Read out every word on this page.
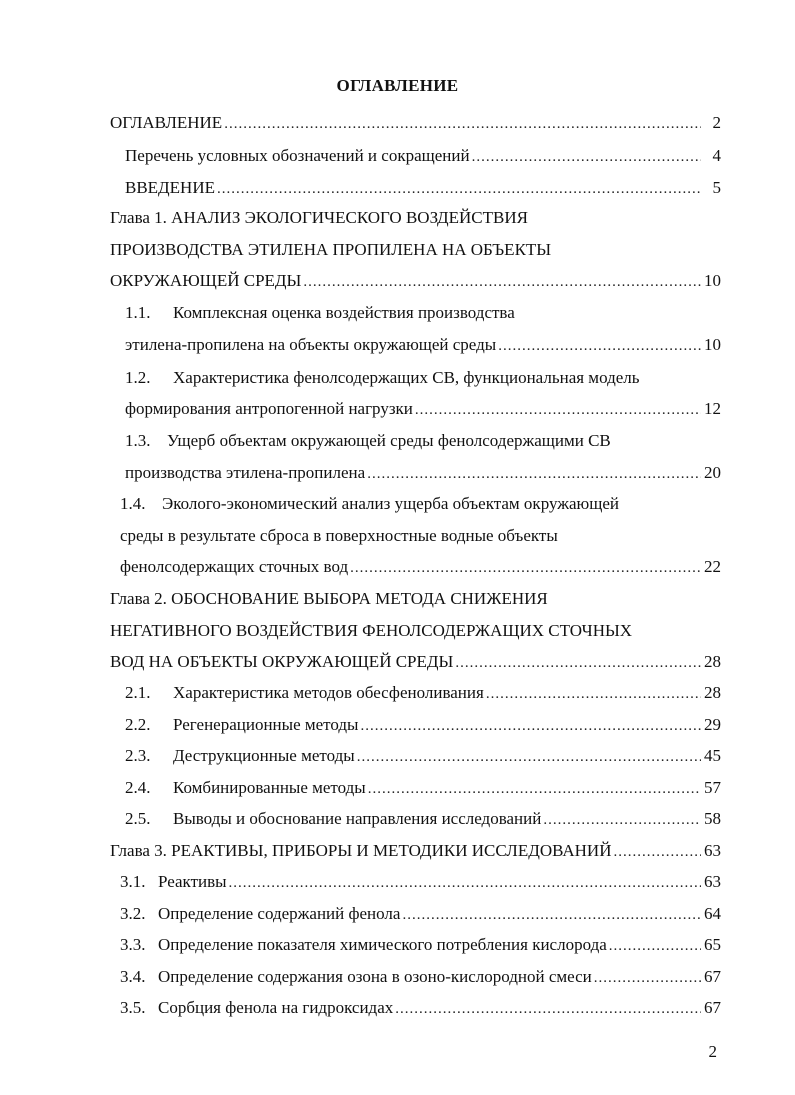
ОГЛАВЛЕНИЕ
ОГЛАВЛЕНИЕ .....	2
Перечень условных обозначений и сокращений .....	4
ВВЕДЕНИЕ .....	5
Глава 1. АНАЛИЗ ЭКОЛОГИЧЕСКОГО ВОЗДЕЙСТВИЯ
ПРОИЗВОДСТВА ЭТИЛЕНА ПРОПИЛЕНА НА ОБЪЕКТЫ
ОКРУЖАЮЩЕЙ СРЕДЫ .....	10
1.1.	Комплексная оценка воздействия производства
этилена-пропилена на объекты окружающей среды .....	10
1.2.	Характеристика фенолсодержащих СВ, функциональная модель
формирования антропогенной нагрузки .....	12
1.3. Ущерб объектам окружающей среды фенолсодержащими СВ
производства этилена-пропилена .....	20
1.4. Эколого-экономический анализ ущерба объектам окружающей
среды в результате сброса в поверхностные водные объекты
фенолсодержащих сточных вод .....	22
Глава 2. ОБОСНОВАНИЕ ВЫБОРА МЕТОДА СНИЖЕНИЯ
НЕГАТИВНОГО ВОЗДЕЙСТВИЯ ФЕНОЛСОДЕРЖАЩИХ СТОЧНЫХ
ВОД НА ОБЪЕКТЫ ОКРУЖАЮЩЕЙ СРЕДЫ .....	28
2.1.	Характеристика методов обесфеноливания .....	28
2.2.	Регенерационные методы .....	29
2.3.	Деструкционные методы .....	45
2.4.	Комбинированные методы .....	57
2.5.	Выводы и обоснование направления исследований .....	58
Глава 3. РЕАКТИВЫ, ПРИБОРЫ И МЕТОДИКИ ИССЛЕДОВАНИЙ .....	63
3.1. Реактивы .....	63
3.2. Определение содержаний фенола .....	64
3.3. Определение показателя химического потребления кислорода .....	65
3.4. Определение содержания озона в озоно-кислородной смеси .....	67
3.5. Сорбция фенола на гидроксидах .....	67
2
